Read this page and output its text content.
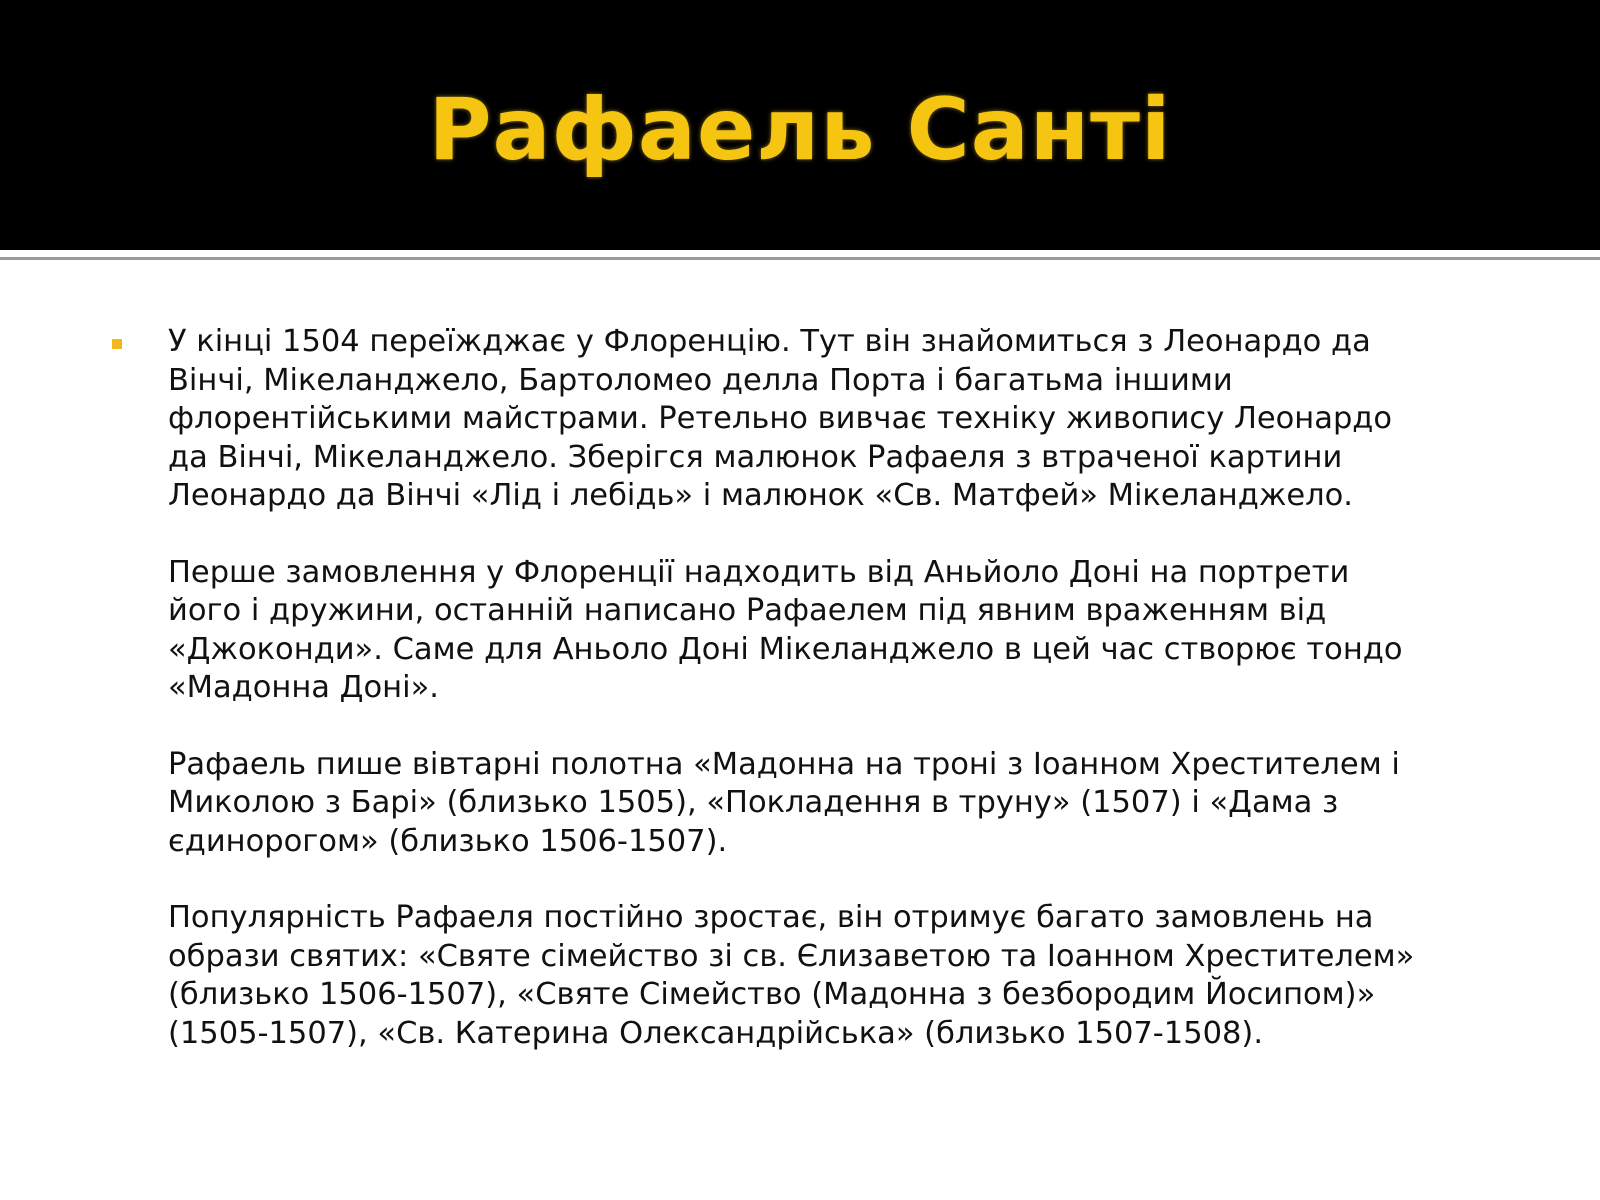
Рафаель Санті

У кінці 1504 переїжджає у Флоренцію. Тут він знайомиться з Леонардо да
Вінчі, Мікеланджело, Бартоломео делла Порта і багатьма іншими
флорентійськими майстрами. Ретельно вивчає техніку живопису Леонардо
да Вінчі, Мікеланджело. Зберігся малюнок Рафаеля з втраченої картини
Леонардо да Вінчі «Лід і лебідь» і малюнок «Св. Матфей» Мікеланджело.

Перше замовлення у Флоренції надходить від Аньйоло Доні на портрети
його і дружини, останній написано Рафаелем під явним враженням від
«Джоконди». Саме для Аньоло Доні Мікеланджело в цей час створює тондо
«Мадонна Доні».

Рафаель пише вівтарні полотна «Мадонна на троні з Іоанном Хрестителем і
Миколою з Барі» (близько 1505), «Покладення в труну» (1507) і «Дама з
єдинорогом» (близько 1506-1507).

Популярність Рафаеля постійно зростає, він отримує багато замовлень на
образи святих: «Святе сімейство зі св. Єлизаветою та Іоанном Хрестителем»
(близько 1506-1507), «Святе Сімейство (Мадонна з безбородим Йосипом)»
(1505-1507), «Св. Катерина Олександрійська» (близько 1507-1508).
